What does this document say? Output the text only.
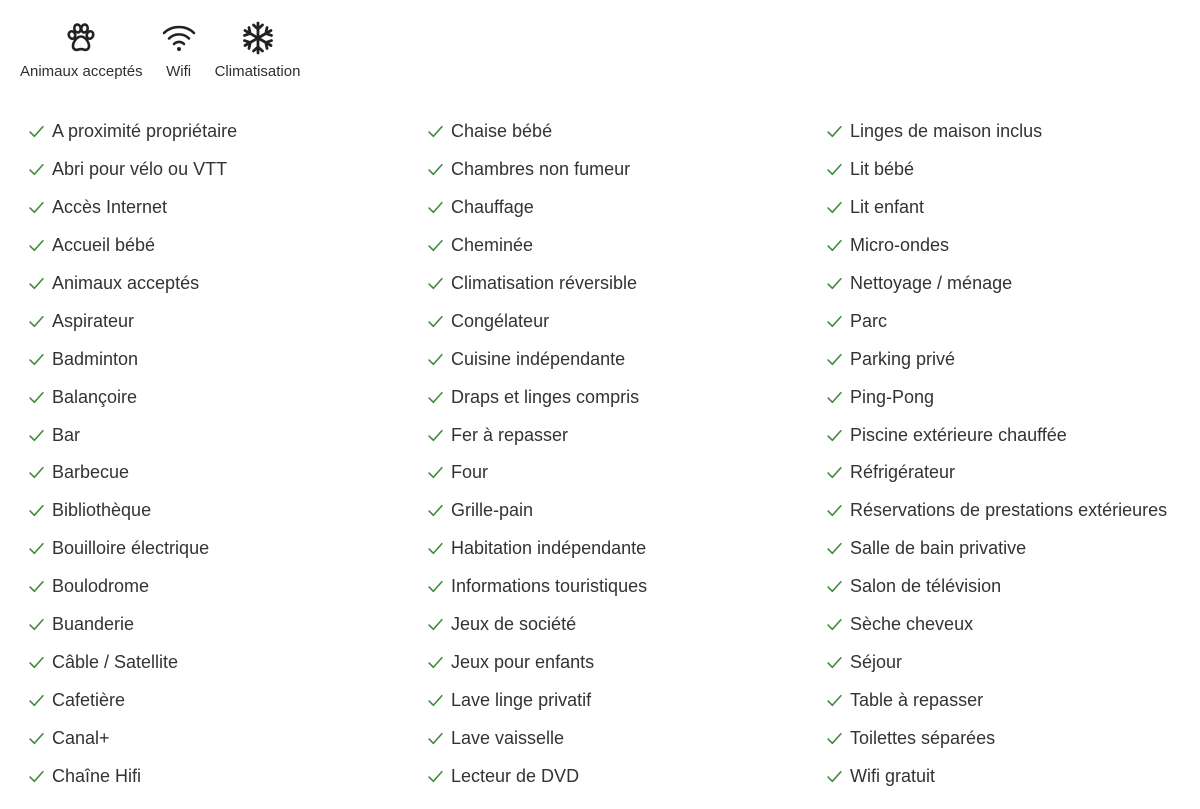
Animaux acceptés Wifi Climatisation
A proximité propriétaire
Abri pour vélo ou VTT
Accès Internet
Accueil bébé
Animaux acceptés
Aspirateur
Badminton
Balançoire
Bar
Barbecue
Bibliothèque
Bouilloire électrique
Boulodrome
Buanderie
Câble / Satellite
Cafetière
Canal+
Chaîne Hifi
Chaise bébé
Chambres non fumeur
Chauffage
Cheminée
Climatisation réversible
Congélateur
Cuisine indépendante
Draps et linges compris
Fer à repasser
Four
Grille-pain
Habitation indépendante
Informations touristiques
Jeux de société
Jeux pour enfants
Lave linge privatif
Lave vaisselle
Lecteur de DVD
Linges de maison inclus
Lit bébé
Lit enfant
Micro-ondes
Nettoyage / ménage
Parc
Parking privé
Ping-Pong
Piscine extérieure chauffée
Réfrigérateur
Réservations de prestations extérieures
Salle de bain privative
Salon de télévision
Sèche cheveux
Séjour
Table à repasser
Toilettes séparées
Wifi gratuit
